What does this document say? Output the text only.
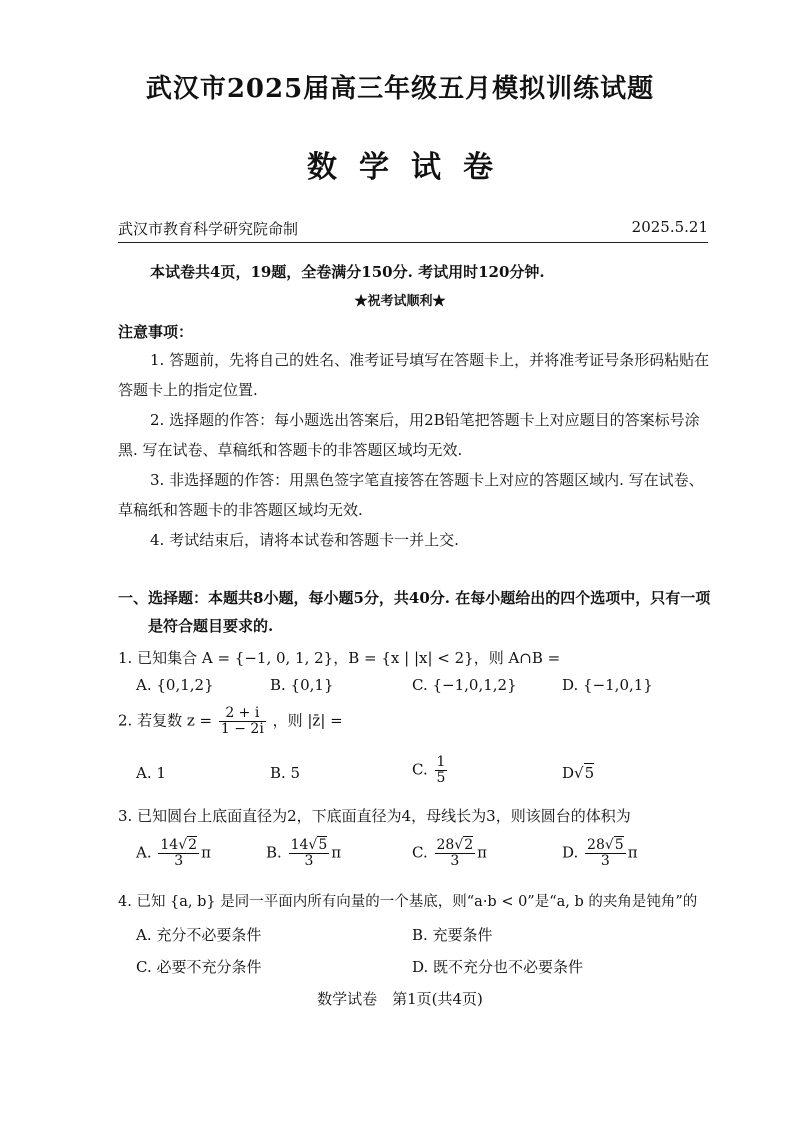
武汉市2025届高三年级五月模拟训练试题
数学试卷
武汉市教育科学研究院命制	2025.5.21
本试卷共4页，19题，全卷满分150分. 考试用时120分钟.
★祝考试顺利★
注意事项：
1. 答题前，先将自己的姓名、准考证号填写在答题卡上，并将准考证号条形码粘贴在
答题卡上的指定位置.
2. 选择题的作答：每小题选出答案后，用2B铅笔把答题卡上对应题目的答案标号涂
黑. 写在试卷、草稿纸和答题卡的非答题区域均无效.
3. 非选择题的作答：用黑色签字笔直接答在答题卡上对应的答题区域内. 写在试卷、
草稿纸和答题卡的非答题区域均无效.
4. 考试结束后，请将本试卷和答题卡一并上交.
一、选择题：本题共8小题，每小题5分，共40分. 在每小题给出的四个选项中，只有一项
是符合题目要求的.
1. 已知集合 A = {−1, 0, 1, 2}，B = {x | |x| < 2}，则 A∩B =
A. {0,1,2}	B. {0,1}	C. {−1,0,1,2}	D. {−1,0,1}
2. 若复数 $z = \frac{2 + i}{1 - 2i}$ ，则 |z̄| =
A. 1	B. 5	C. $\frac{1}{5}$	D√5
3. 已知圆台上底面直径为2，下底面直径为4，母线长为3，则该圆台的体积为
A. $\frac{14√2}{3}$ π	B. $\frac{14√5}{3}$ π	C. $\frac{28√2}{3}$ π	D. $\frac{28√5}{3}$ π
4. 已知 {a, b} 是同一平面内所有向量的一个基底，则“a·b < 0”是“a, b 的夹角是钝角”的
A. 充分不必要条件	B. 充要条件
C. 必要不充分条件	D. 既不充分也不必要条件
数学试卷　第1页(共4页)
